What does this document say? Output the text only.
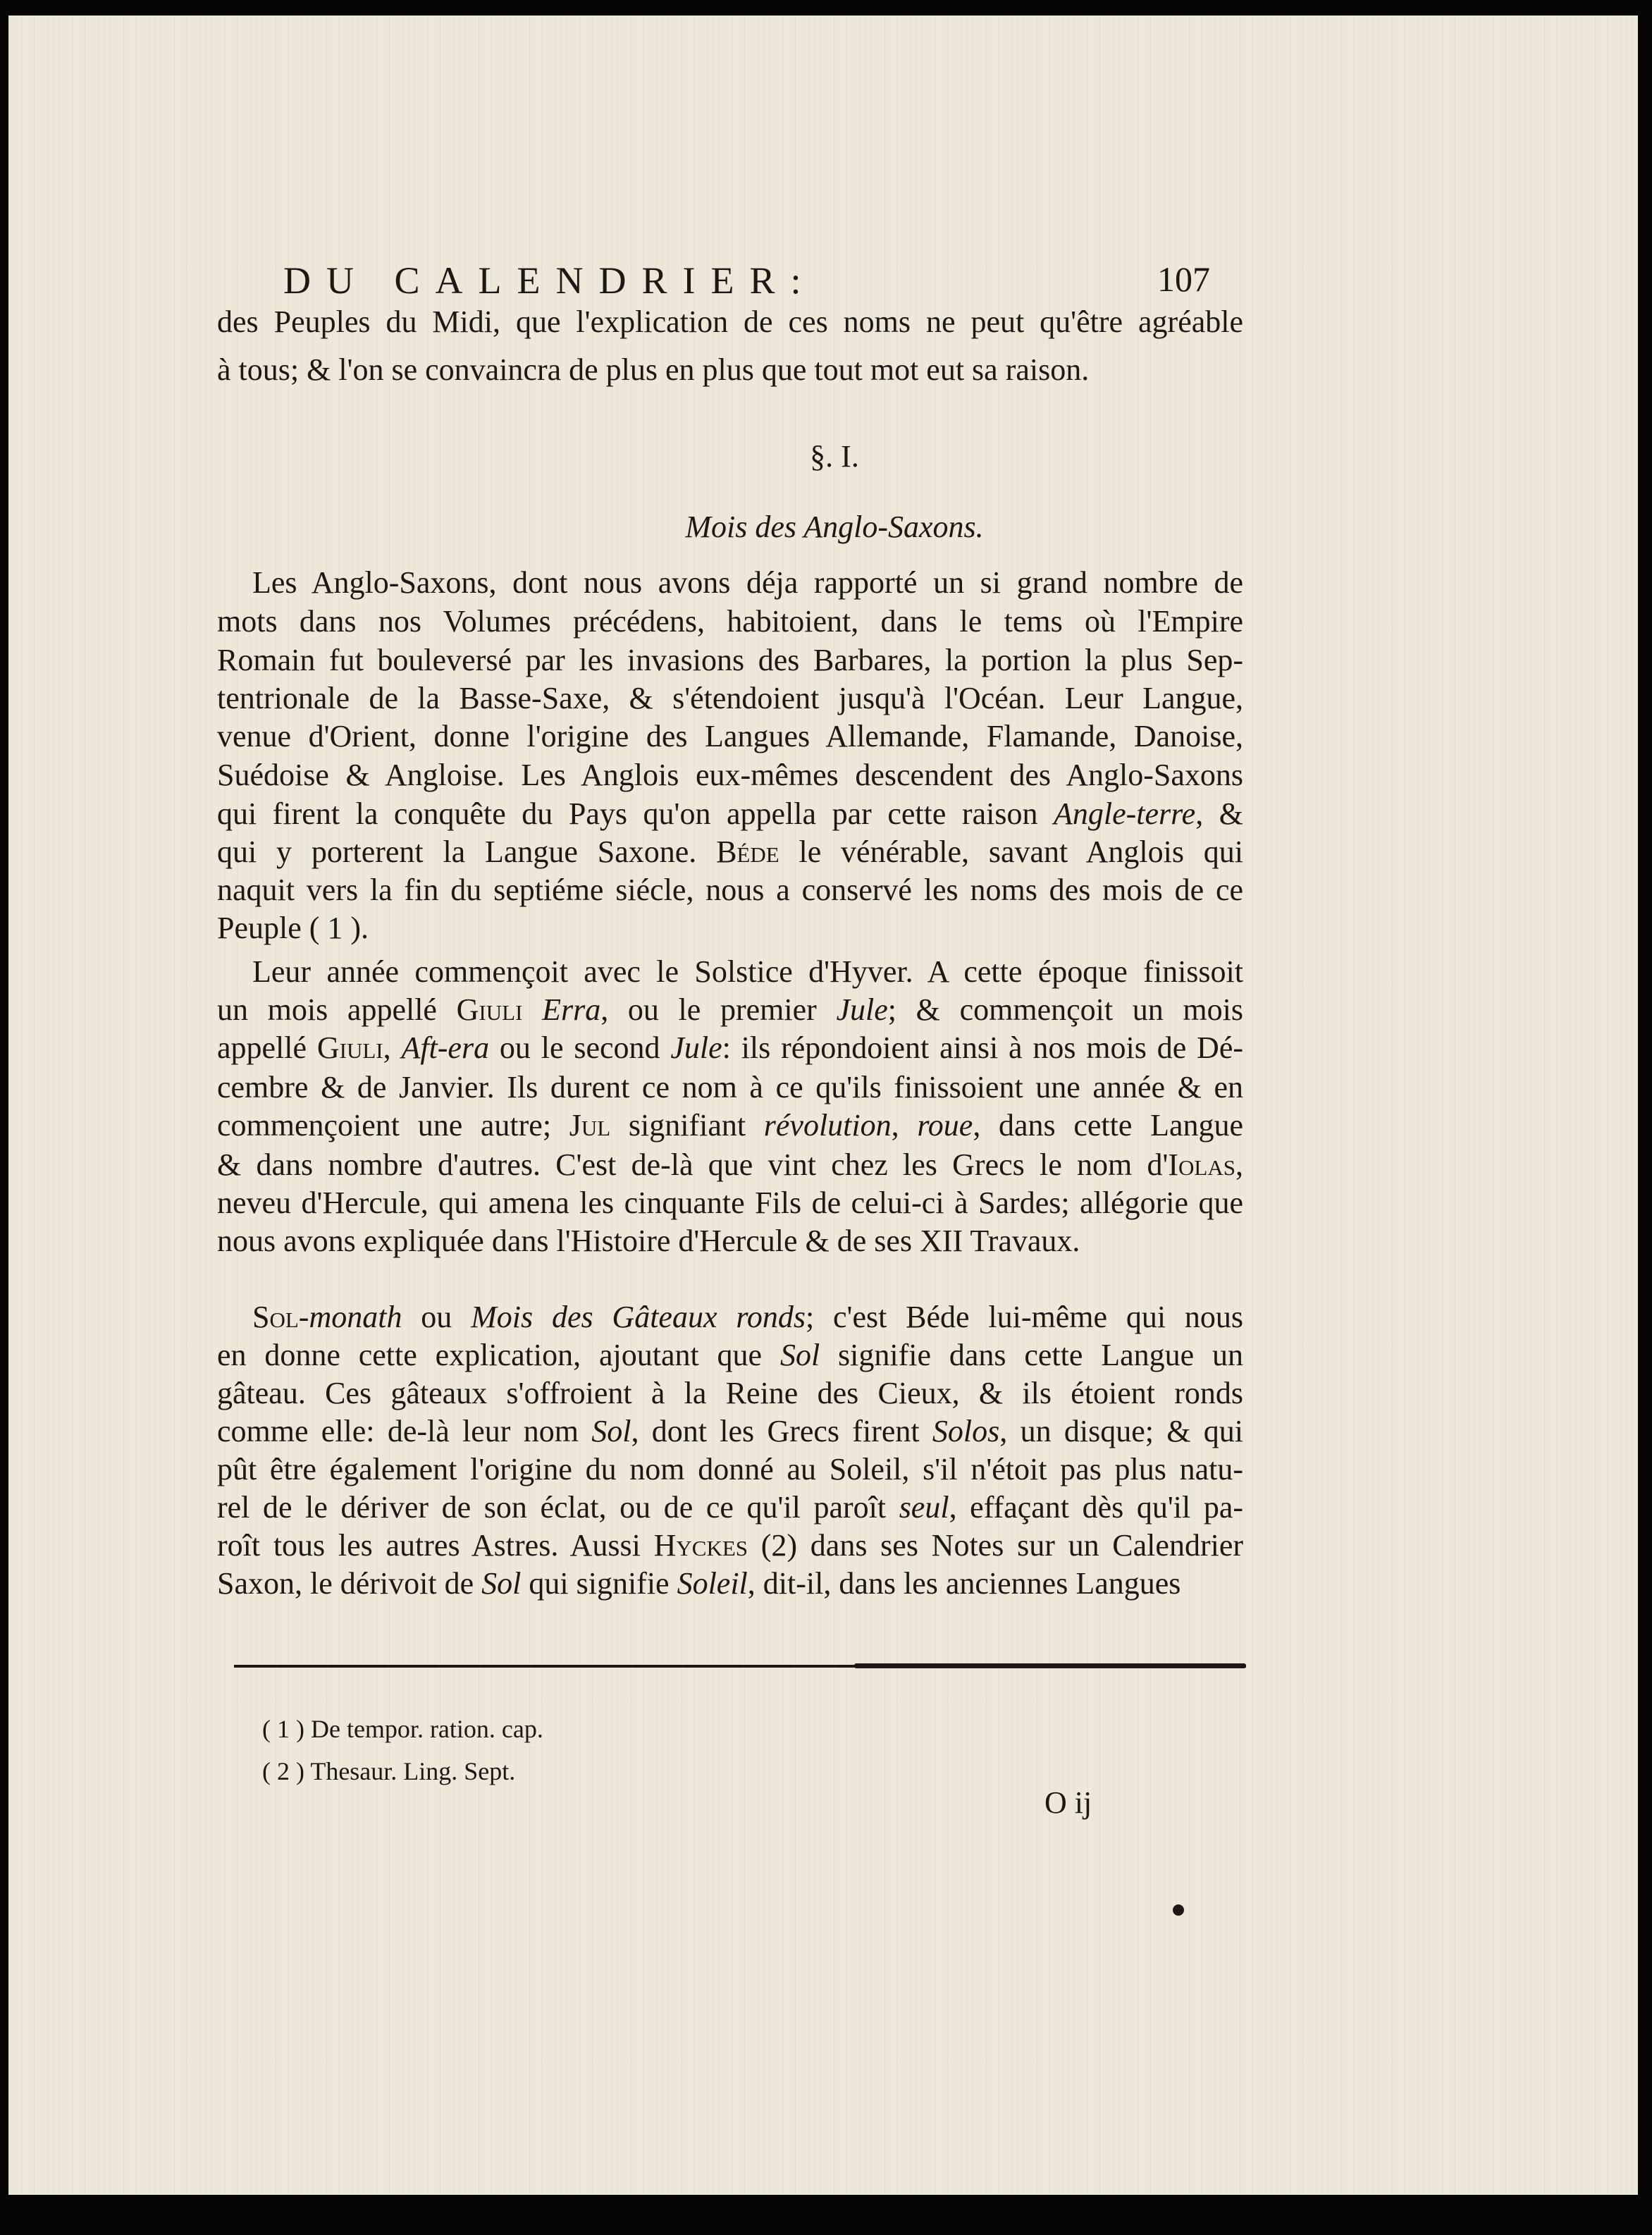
DU CALENDRIER:	107
des Peuples du Midi, que l'explication de ces noms ne peut qu'être agréable
à tous; & l'on se convaincra de plus en plus que tout mot eut sa raison.
Les Anglo-Saxons, dont nous avons déja rapporté un si grand nombre de
mots dans nos Volumes précédens, habitoient, dans le tems où l'Empire
Romain fut bouleversé par les invasions des Barbares, la portion la plus Sep-
tentrionale de la Basse-Saxe, & s'étendoient jusqu'à l'Océan. Leur Langue,
venue d'Orient, donne l'origine des Langues Allemande, Flamande, Danoise,
Suédoise & Angloise. Les Anglois eux-mêmes descendent des Anglo-Saxons
qui firent la conquête du Pays qu'on appella par cette raison Angle-terre, &
qui y porterent la Langue Saxone. Béde le vénérable, savant Anglois qui
naquit vers la fin du septiéme siécle, nous a conservé les noms des mois de ce
Peuple ( 1 ).
Leur année commençoit avec le Solstice d'Hyver. A cette époque finissoit
un mois appellé Giuli Erra, ou le premier Jule; & commençoit un mois
appellé Giuli, Aft-era ou le second Jule: ils répondoient ainsi à nos mois de Dé-
cembre & de Janvier. Ils durent ce nom à ce qu'ils finissoient une année & en
commençoient une autre; Jul signifiant révolution, roue, dans cette Langue
& dans nombre d'autres. C'est de-là que vint chez les Grecs le nom d'Iolas,
neveu d'Hercule, qui amena les cinquante Fils de celui-ci à Sardes; allégorie que
nous avons expliquée dans l'Histoire d'Hercule & de ses XII Travaux.
Sol-monath ou Mois des Gâteaux ronds; c'est Béde lui-même qui nous
en donne cette explication, ajoutant que Sol signifie dans cette Langue un
gâteau. Ces gâteaux s'offroient à la Reine des Cieux, & ils étoient ronds
comme elle: de-là leur nom Sol, dont les Grecs firent Solos, un disque; & qui
pût être également l'origine du nom donné au Soleil, s'il n'étoit pas plus natu-
rel de le dériver de son éclat, ou de ce qu'il paroît seul, effaçant dès qu'il pa-
roît tous les autres Astres. Aussi Hyckes (2) dans ses Notes sur un Calendrier
Saxon, le dérivoit de Sol qui signifie Soleil, dit-il, dans les anciennes Langues
§. I.
Mois des Anglo-Saxons.
( 1 ) De tempor. ration. cap.
( 2 ) Thesaur. Ling. Sept.
O ij
